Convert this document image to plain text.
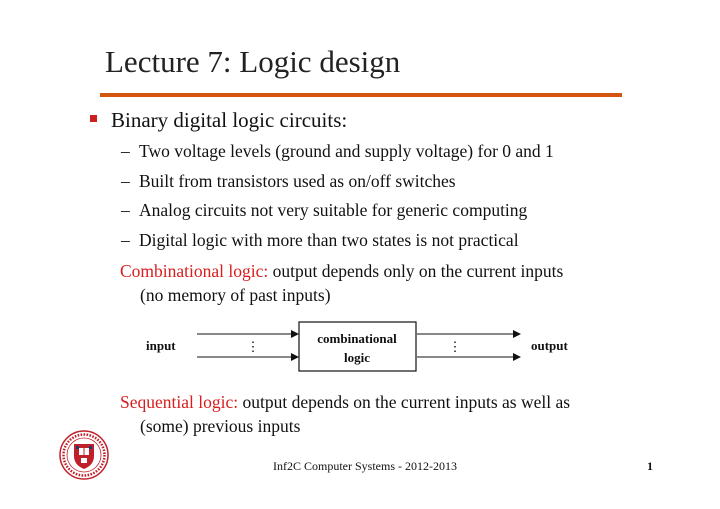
Lecture 7: Logic design
Binary digital logic circuits:
– Two voltage levels (ground and supply voltage) for 0 and 1
– Built from transistors used as on/off switches
– Analog circuits not very suitable for generic computing
– Digital logic with more than two states is not practical
Combinational logic: output depends only on the current inputs
(no memory of past inputs)
input	output
combinational
logic
⋮	⋮
Sequential logic: output depends on the current inputs as well as
(some) previous inputs
Inf2C Computer Systems - 2012-2013	1
